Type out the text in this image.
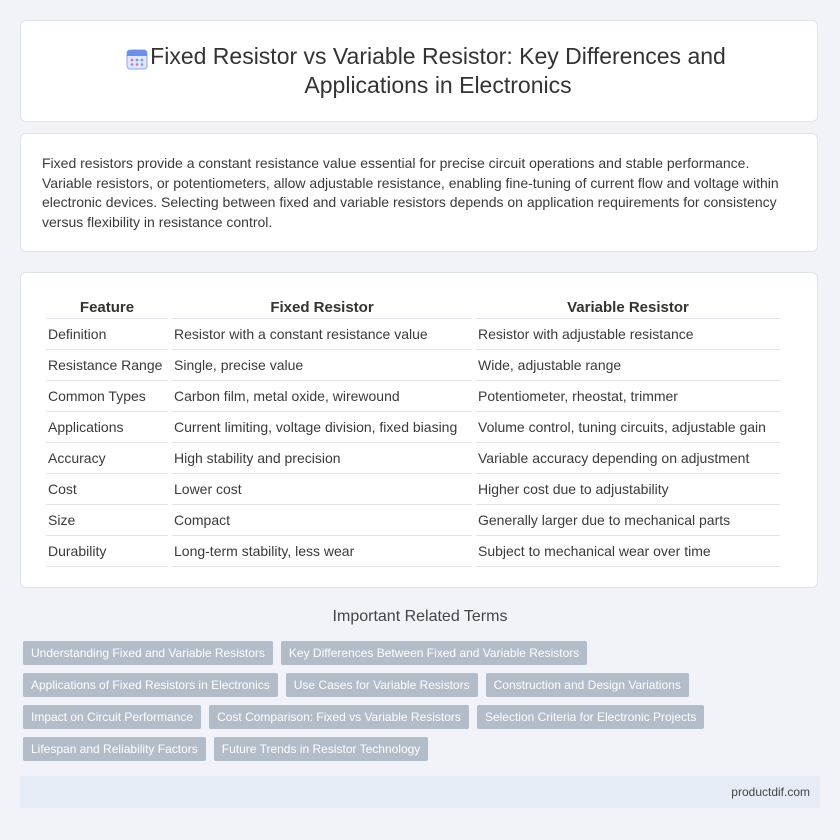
Fixed Resistor vs Variable Resistor: Key Differences and Applications in Electronics

Fixed resistors provide a constant resistance value essential for precise circuit operations and stable performance. Variable resistors, or potentiometers, allow adjustable resistance, enabling fine-tuning of current flow and voltage within electronic devices. Selecting between fixed and variable resistors depends on application requirements for consistency versus flexibility in resistance control.

Feature	Fixed Resistor	Variable Resistor
Definition	Resistor with a constant resistance value	Resistor with adjustable resistance
Resistance Range	Single, precise value	Wide, adjustable range
Common Types	Carbon film, metal oxide, wirewound	Potentiometer, rheostat, trimmer
Applications	Current limiting, voltage division, fixed biasing	Volume control, tuning circuits, adjustable gain
Accuracy	High stability and precision	Variable accuracy depending on adjustment
Cost	Lower cost	Higher cost due to adjustability
Size	Compact	Generally larger due to mechanical parts
Durability	Long-term stability, less wear	Subject to mechanical wear over time
Important Related Terms
Understanding Fixed and Variable Resistors	Key Differences Between Fixed and Variable Resistors
Applications of Fixed Resistors in Electronics	Use Cases for Variable Resistors	Construction and Design Variations
Impact on Circuit Performance	Cost Comparison: Fixed vs Variable Resistors	Selection Criteria for Electronic Projects
Lifespan and Reliability Factors	Future Trends in Resistor Technology
productdif.com
